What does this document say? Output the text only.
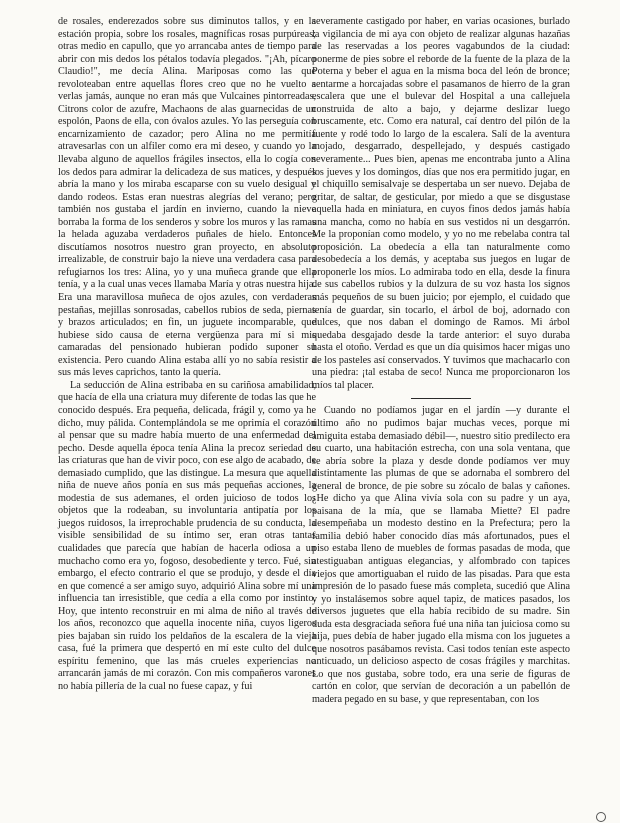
de rosales, enderezados sobre sus diminutos tallos, y en la estación propia, sobre los rosales, magníficas rosas purpúreas; otras medio en capullo, que yo arrancaba antes de tiempo para abrir con mis dedos los pétalos todavía plegados. "¡Ah, pícaro Claudio!", me decía Alina. Mariposas como las que revoloteaban entre aquellas flores creo que no he vuelto a verlas jamás, aunque no eran más que Vulcaines pintorreadas, Citrons color de azufre, Machaons de alas guarnecidas de un espolón, Paons de ella, con óvalos azules. Yo las perseguía con encarnizamiento de cazador; pero Alina no me permitía atravesarlas con un alfiler como era mi deseo, y cuando yo la llevaba alguno de aquellos frágiles insectos, ella lo cogía con los dedos para admirar la delicadeza de sus matices, y después abría la mano y los miraba escaparse con su vuelo desigual y dando rodeos. Estas eran nuestras alegrías del verano; pero también nos gustaba el jardín en invierno, cuando la nieve borraba la forma de los senderos y sobre los muros y las ramas la helada aguzaba verdaderos puñales de hielo. Entonces discutíamos nosotros nuestro gran proyecto, en absoluto irrealizable, de construir bajo la nieve una verdadera casa para refugiarnos los tres: Alina, yo y una muñeca grande que ella tenía, y a la cual unas veces llamaba María y otras nuestra hija. Era una maravillosa muñeca de ojos azules, con verdaderas pestañas, mejillas sonrosadas, cabellos rubios de seda, piernas y brazos articulados; en fin, un juguete incomparable, que hubiese sido causa de eterna vergüenza para mí si mis camaradas del pensionado hubieran podido suponer su existencia. Pero cuando Alina estaba allí yo no sabía resistir a sus más leves caprichos, tanto la quería.

La seducción de Alina estribaba en su cariñosa amabilidad, que hacía de ella una criatura muy diferente de todas las que he conocido después. Era pequeña, delicada, frágil y, como ya he dicho, muy pálida. Contemplándola se me oprimía el corazón al pensar que su madre había muerto de una enfermedad del pecho. Desde aquella época tenía Alina la precoz seriedad de las criaturas que han de vivir poco, con ese algo de acabado, de demasiado cumplido, que las distingue. La mesura que aquella niña de nueve años ponía en sus más pequeñas acciones, la modestia de sus ademanes, el orden juicioso de todos los objetos que la rodeaban, su involuntaria antipatía por los juegos ruidosos, la irreprochable prudencia de su conducta, la visible sensibilidad de su íntimo ser, eran otras tantas cualidades que parecía que habían de hacerla odiosa a un muchacho como era yo, fogoso, desobediente y terco. Fué, sin embargo, el efecto contrario el que se produjo, y desde el día en que comencé a ser amigo suyo, adquirió Alina sobre mí una influencia tan irresistible, que cedía a ella como por instinto. Hoy, que intento reconstruir en mi alma de niño al través de los años, reconozco que aquella inocente niña, cuyos ligeros pies bajaban sin ruido los peldaños de la escalera de la vieja casa, fué la primera que despertó en mí este culto del dulce espíritu femenino, que las más crueles experiencias no arrancarán jamás de mi corazón. Con mis compañeros varones no había pillería de la cual no fuese capaz, y fui

severamente castigado por haber, en varias ocasiones, burlado la vigilancia de mi aya con objeto de realizar algunas hazañas de las reservadas a los peores vagabundos de la ciudad: ponerme de pies sobre el reborde de la fuente de la plaza de la Poterna y beber el agua en la misma boca del león de bronce; sentarme a horcajadas sobre el pasamanos de hierro de la gran escalera que une el bulevar del Hospital a una callejuela construida de alto a bajo, y dejarme deslizar luego bruscamente, etc. Como era natural, caí dentro del pilón de la fuente y rodé todo lo largo de la escalera. Salí de la aventura mojado, desgarrado, despellejado, y después castigado severamente... Pues bien, apenas me encontraba junto a Alina los jueves y los domingos, días que nos era permitido jugar, en el chiquillo semisalvaje se despertaba un ser nuevo. Dejaba de gritar, de saltar, de gesticular, por miedo a que se disgustase aquella hada en miniatura, en cuyos finos dedos jamás había una mancha, como no había en sus vestidos ni un desgarrón. Me la proponían como modelo, y yo no me rebelaba contra tal proposición. La obedecía a ella tan naturalmente como desobedecía a los demás, y aceptaba sus juegos en lugar de proponerle los míos. Lo admiraba todo en ella, desde la finura de sus cabellos rubios y la dulzura de su voz hasta los signos más pequeños de su buen juicio; por ejemplo, el cuidado que tenía de guardar, sin tocarlo, el árbol de boj, adornado con dulces, que nos daban el domingo de Ramos. Mi árbol quedaba desgajado desde la tarde anterior: el suyo duraba hasta el otoño. Verdad es que un día quisimos hacer migas uno de los pasteles así conservados. Y tuvimos que machacarlo con una piedra: ¡tal estaba de seco! Nunca me proporcionaron los míos tal placer.

Cuando no podíamos jugar en el jardín —y durante el último año no pudimos bajar muchas veces, porque mi amiguita estaba demasiado débil—, nuestro sitio predilecto era su cuarto, una habitación estrecha, con una sola ventana, que se abría sobre la plaza y desde donde podíamos ver muy distintamente las plumas de que se adornaba el sombrero del general de bronce, de pie sobre su zócalo de balas y cañones. ¿He dicho ya que Alina vivía sola con su padre y un aya, paisana de la mía, que se llamaba Miette? El padre desempeñaba un modesto destino en la Prefectura; pero la familia debió haber conocido días más afortunados, pues el piso estaba lleno de muebles de formas pasadas de moda, que atestiguaban antiguas elegancias, y alfombrado con tapices viejos que amortiguaban el ruido de las pisadas. Para que esta impresión de lo pasado fuese más completa, sucedió que Alina y yo instalásemos sobre aquel tapiz, de matices pasados, los diversos juguetes que ella había recibido de su madre. Sin duda esta desgraciada señora fué una niña tan juiciosa como su hija, pues debía de haber jugado ella misma con los juguetes a que nosotros pasábamos revista. Casi todos tenían este aspecto anticuado, un delicioso aspecto de cosas frágiles y marchitas. Lo que nos gustaba, sobre todo, era una serie de figuras de cartón en color, que servían de decoración a un pabellón de madera pegado en su base, y que representaban, con los
